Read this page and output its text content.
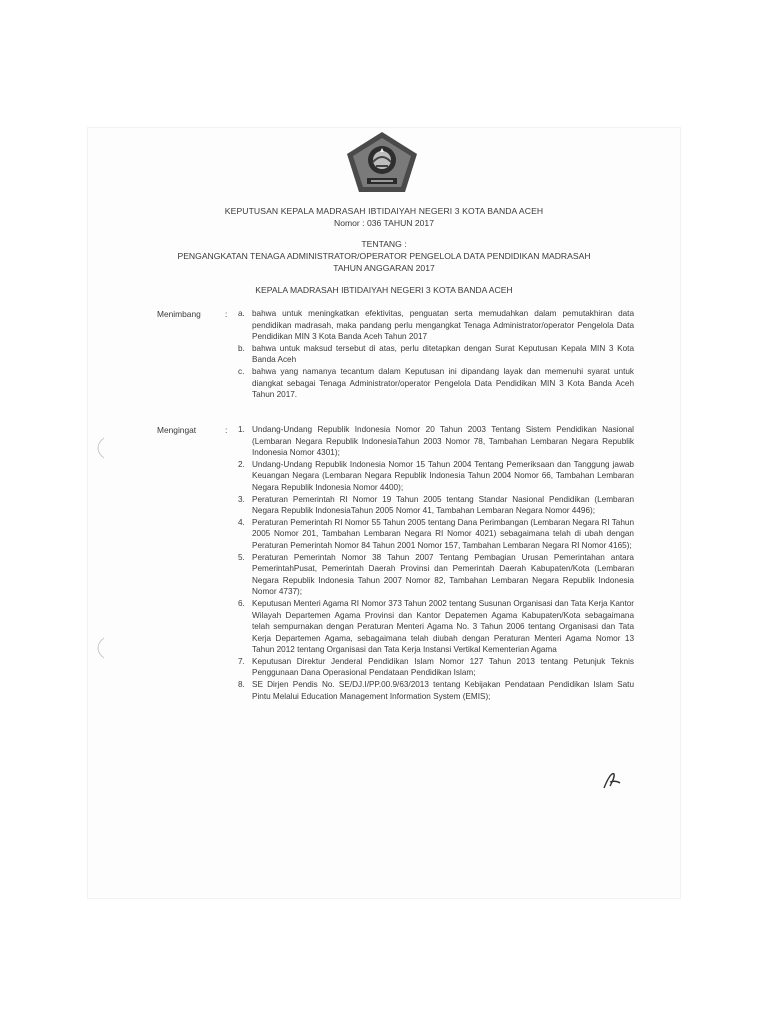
KEPUTUSAN KEPALA MADRASAH IBTIDAIYAH NEGERI 3 KOTA BANDA ACEH
Nomor : 036 TAHUN 2017
TENTANG :
PENGANGKATAN TENAGA ADMINISTRATOR/OPERATOR PENGELOLA DATA PENDIDIKAN MADRASAH
TAHUN ANGGARAN 2017
KEPALA MADRASAH IBTIDAIYAH NEGERI 3 KOTA BANDA ACEH
Menimbang	: a. bahwa untuk meningkatkan efektivitas, penguatan serta memudahkan dalam pemutakhiran data pendidikan madrasah, maka pandang perlu mengangkat Tenaga Administrator/operator Pengelola Data Pendidikan MIN 3 Kota Banda Aceh Tahun 2017
b. bahwa untuk maksud tersebut di atas, perlu ditetapkan dengan Surat Keputusan Kepala MIN 3 Kota Banda Aceh
c. bahwa yang namanya tecantum dalam Keputusan ini dipandang layak dan memenuhi syarat untuk diangkat sebagai Tenaga Administrator/operator Pengelola Data Pendidikan MIN 3 Kota Banda Aceh Tahun 2017.
Mengingat	: 1. Undang-Undang Republik Indonesia Nomor 20 Tahun 2003 Tentang Sistem Pendidikan Nasional (Lembaran Negara Republik IndonesiaTahun 2003 Nomor 78, Tambahan Lembaran Negara Republik Indonesia Nomor 4301);
2. Undang-Undang Republik Indonesia Nomor 15 Tahun 2004 Tentang Pemeriksaan dan Tanggung jawab Keuangan Negara (Lembaran Negara Republik Indonesia Tahun 2004 Nomor 66, Tambahan Lembaran Negara Republik Indonesia Nomor 4400);
3. Peraturan Pemerintah RI Nomor 19 Tahun 2005 tentang Standar Nasional Pendidikan (Lembaran Negara Republik IndonesiaTahun 2005 Nomor 41, Tambahan Lembaran Negara Nomor 4496);
4. Peraturan Pemerintah RI Nomor 55 Tahun 2005 tentang Dana Perimbangan (Lembaran Negara RI Tahun 2005 Nomor 201, Tambahan Lembaran Negara RI Nomor 4021) sebagaimana telah di ubah dengan Peraturan Pemerintah Nomor 84 Tahun 2001 Nomor 157, Tambahan Lembaran Negara RI Nomor 4165);
5. Peraturan Pemerintah Nomor 38 Tahun 2007 Tentang Pembagian Urusan Pemerintahan antara PemerintahPusat, Pemerintah Daerah Provinsi dan Pemerintah Daerah Kabupaten/Kota (Lembaran Negara Republik Indonesia Tahun 2007 Nomor 82, Tambahan Lembaran Negara Republik Indonesia Nomor 4737);
6. Keputusan Menteri Agama RI Nomor 373 Tahun 2002 tentang Susunan Organisasi dan Tata Kerja Kantor Wilayah Departemen Agama Provinsi dan Kantor Depatemen Agama Kabupaten/Kota sebagaimana telah sempurnakan dengan Peraturan Menteri Agama No. 3 Tahun 2006 tentang Organisasi dan Tata Kerja Departemen Agama, sebagaimana telah diubah dengan Peraturan Menteri Agama Nomor 13 Tahun 2012 tentang Organisasi dan Tata Kerja Instansi Vertikal Kementerian Agama
7. Keputusan Direktur Jenderal Pendidikan Islam Nomor 127 Tahun 2013 tentang Petunjuk Teknis Penggunaan Dana Operasional Pendataan Pendidikan Islam;
8. SE Dirjen Pendis No. SE/DJ.I/PP.00.9/63/2013 tentang Kebijakan Pendataan Pendidikan Islam Satu Pintu Melalui Education Management Information System (EMIS);
